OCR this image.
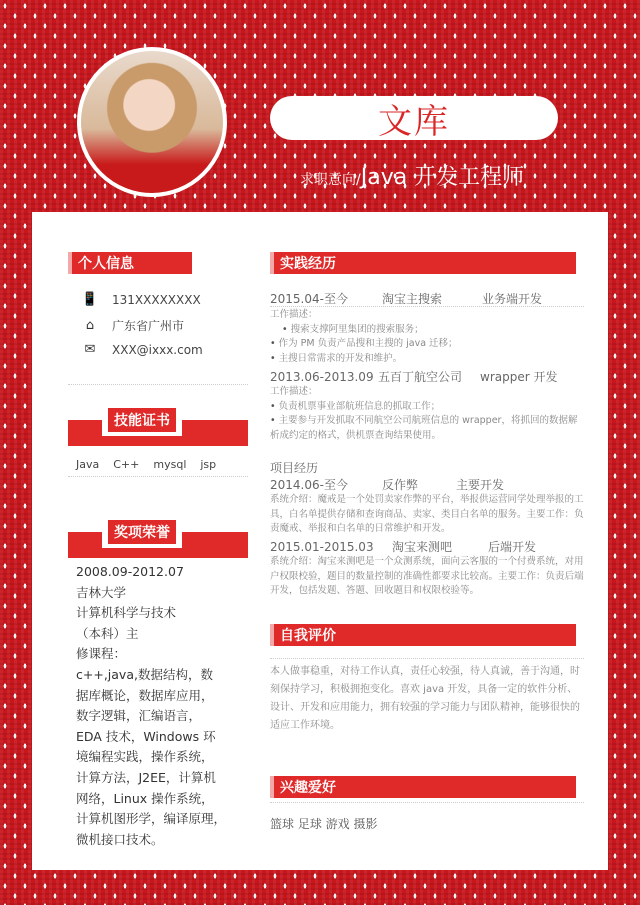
文库
求职意向/Java 开发工程师
个人信息
📱 131XXXXXXXX
⌂	广东省广州市
✉	XXX@ixxx.com
技能证书
Java C++ mysql jsp
奖项荣誉
2008.09-2012.07
吉林大学
计算机科学与技术
（本科）主
修课程：
c++,java,数据结构，数
据库概论，数据库应用，
数字逻辑，汇编语言，
EDA 技术，Windows 环
境编程实践，操作系统，
计算方法，J2EE，计算机
网络，Linux 操作系统，
计算机图形学，编译原理，
微机接口技术。
实践经历
2015.04-至今	淘宝主搜索	业务端开发
工作描述：
• 搜索支撑阿里集团的搜索服务；
• 作为 PM 负责产品搜和主搜的 java 迁移；
• 主搜日常需求的开发和维护。
2013.06-2013.09 五百丁航空公司 wrapper 开发
工作描述：
• 负责机票事业部航班信息的抓取工作；
• 主要参与开发抓取不同航空公司航班信息的 wrapper，将抓回的数据解析成约定的格式，供机票查询结果使用。
项目经历
2014.06-至今	反作弊	主要开发
系统介绍：魔戒是一个处罚卖家作弊的平台，举报供运营同学处理举报的工具，白名单提供存储和查询商品、卖家、类目白名单的服务。主要工作：负责魔戒、举报和白名单的日常维护和开发。
2015.01-2015.03 淘宝来测吧	后端开发
系统介绍：淘宝来测吧是一个众测系统，面向云客服的一个付费系统，对用户权限校验，题目的数量控制的准确性都要求比较高。主要工作：负责后端开发，包括发题、答题、回收题目和权限校验等。
自我评价
本人做事稳重，对待工作认真，责任心较强，待人真诚，善于沟通，时刻保持学习，积极拥抱变化。喜欢 java 开发，具备一定的软件分析、设计、开发和应用能力，拥有较强的学习能力与团队精神，能够很快的适应工作环境。
兴趣爱好
篮球 足球 游戏 摄影
